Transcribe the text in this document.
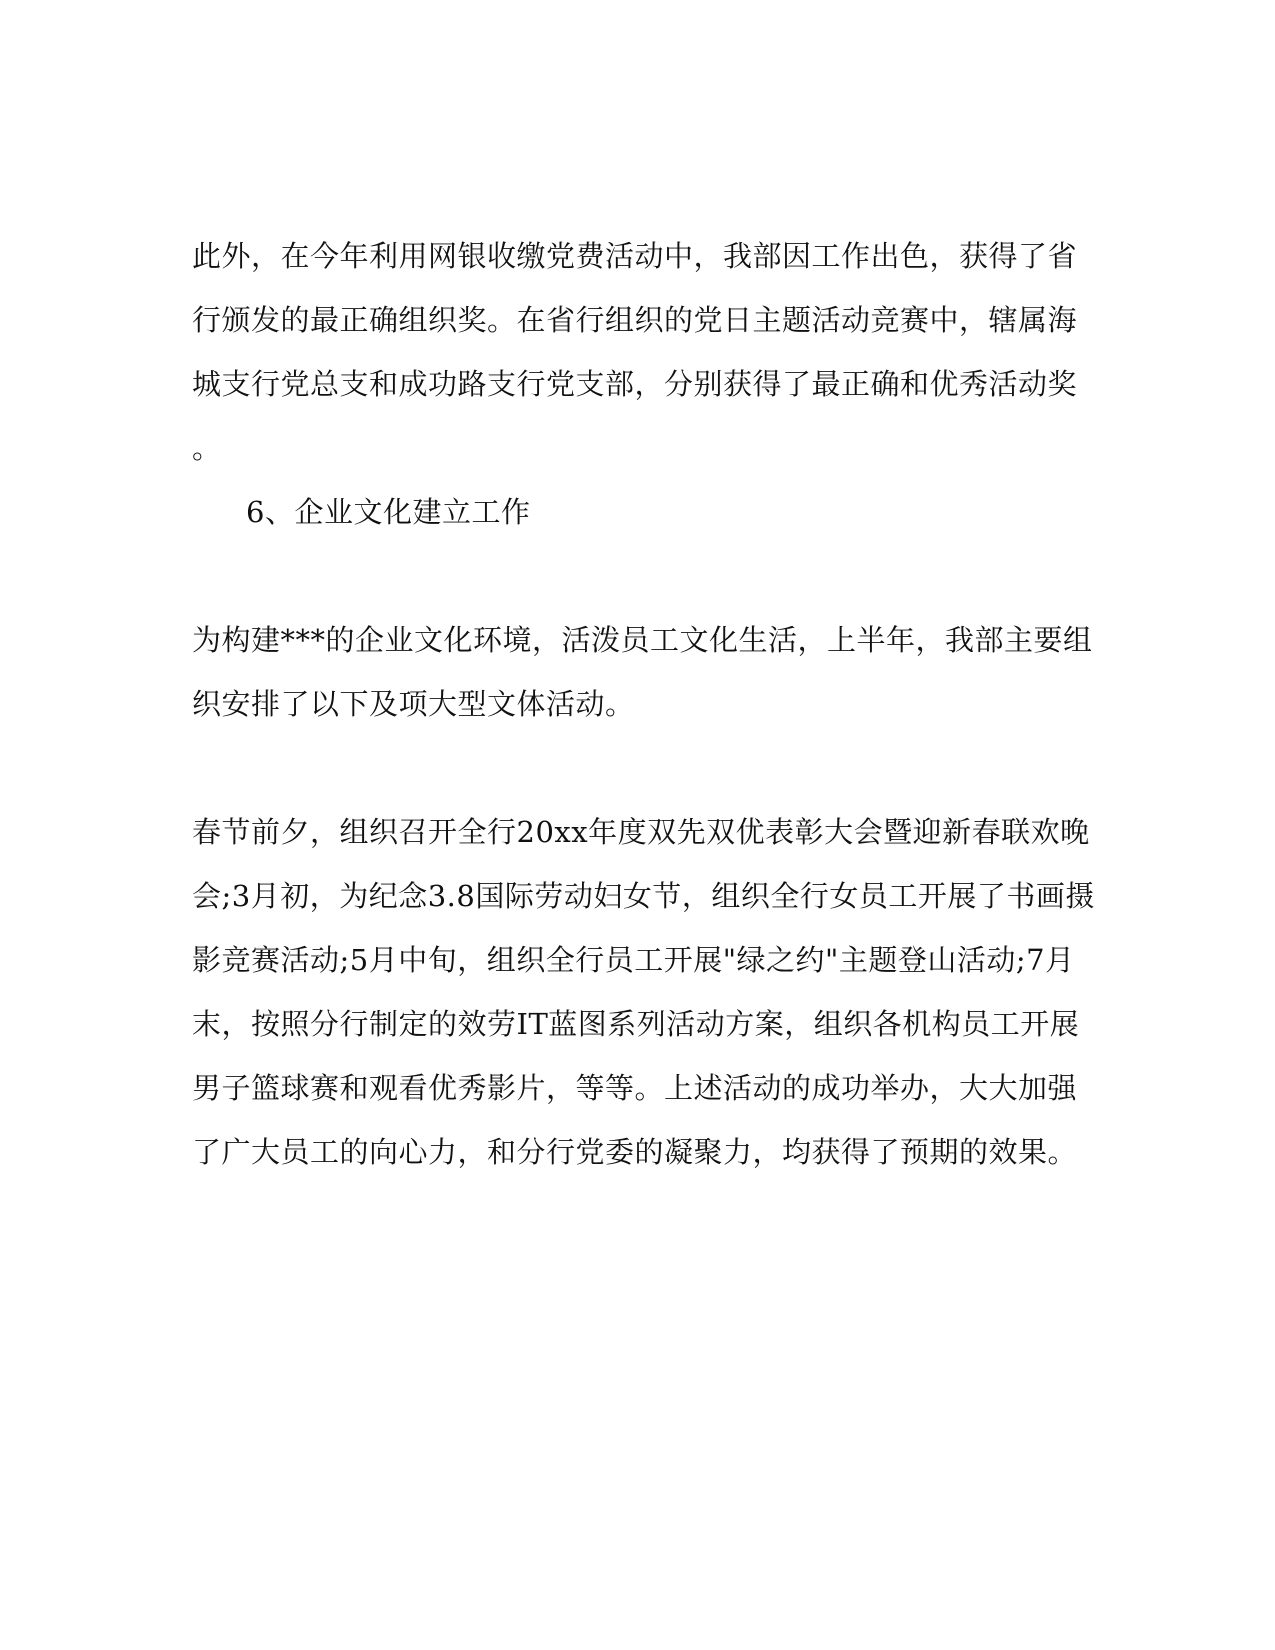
此外，在今年利用网银收缴党费活动中，我部因工作出色，获得了省
行颁发的最正确组织奖。在省行组织的党日主题活动竞赛中，辖属海
城支行党总支和成功路支行党支部，分别获得了最正确和优秀活动奖
。
6、企业文化建立工作
为构建***的企业文化环境，活泼员工文化生活，上半年，我部主要组
织安排了以下及项大型文体活动。
春节前夕，组织召开全行20xx年度双先双优表彰大会暨迎新春联欢晚
会;3月初，为纪念3.8国际劳动妇女节，组织全行女员工开展了书画摄
影竞赛活动;5月中旬，组织全行员工开展"绿之约"主题登山活动;7月
末，按照分行制定的效劳IT蓝图系列活动方案，组织各机构员工开展
男子篮球赛和观看优秀影片，等等。上述活动的成功举办，大大加强
了广大员工的向心力，和分行党委的凝聚力，均获得了预期的效果。
